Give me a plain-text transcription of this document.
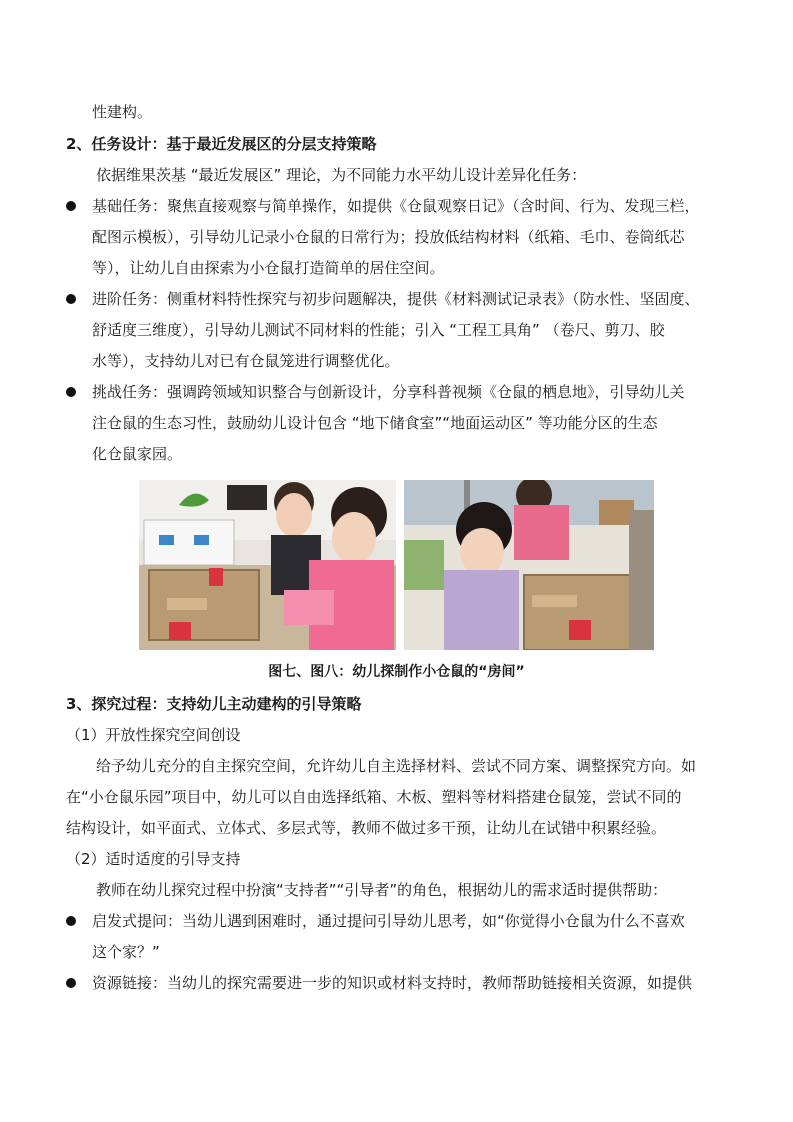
性建构。
2、任务设计：基于最近发展区的分层支持策略
依据维果茨基 “最近发展区” 理论，为不同能力水平幼儿设计差异化任务：
基础任务：聚焦直接观察与简单操作，如提供《仓鼠观察日记》（含时间、行为、发现三栏，
配图示模板），引导幼儿记录小仓鼠的日常行为；投放低结构材料（纸箱、毛巾、卷筒纸芯
等），让幼儿自由探索为小仓鼠打造简单的居住空间。
进阶任务：侧重材料特性探究与初步问题解决，提供《材料测试记录表》（防水性、坚固度、
舒适度三维度），引导幼儿测试不同材料的性能；引入 “工程工具角” （卷尺、剪刀、胶
水等），支持幼儿对已有仓鼠笼进行调整优化。
挑战任务：强调跨领域知识整合与创新设计，分享科普视频《仓鼠的栖息地》，引导幼儿关
注仓鼠的生态习性，鼓励幼儿设计包含 “地下储食室”“地面运动区” 等功能分区的生态
化仓鼠家园。
图七、图八：幼儿探制作小仓鼠的“房间”
3、探究过程：支持幼儿主动建构的引导策略
（1）开放性探究空间创设
给予幼儿充分的自主探究空间，允许幼儿自主选择材料、尝试不同方案、调整探究方向。如
在“小仓鼠乐园”项目中，幼儿可以自由选择纸箱、木板、塑料等材料搭建仓鼠笼，尝试不同的
结构设计，如平面式、立体式、多层式等，教师不做过多干预，让幼儿在试错中积累经验。
（2）适时适度的引导支持
教师在幼儿探究过程中扮演“支持者”“引导者”的角色，根据幼儿的需求适时提供帮助：
启发式提问：当幼儿遇到困难时，通过提问引导幼儿思考，如“你觉得小仓鼠为什么不喜欢
这个家？”
资源链接：当幼儿的探究需要进一步的知识或材料支持时，教师帮助链接相关资源，如提供
